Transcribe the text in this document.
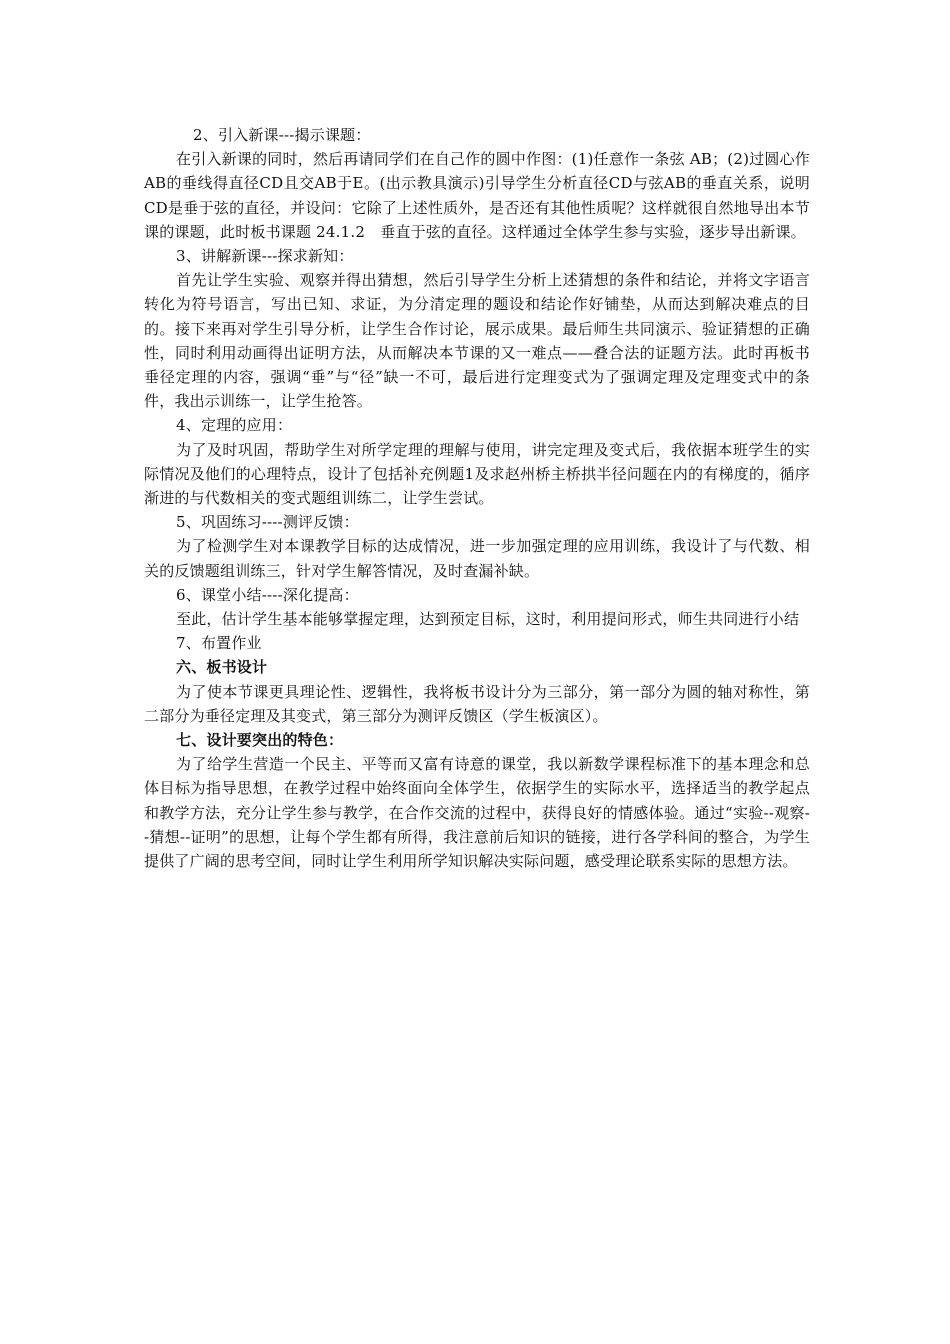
2、引入新课---揭示课题：

在引入新课的同时，然后再请同学们在自己作的圆中作图：(1)任意作一条弦 AB；(2)过圆心作AB的垂线得直径CD且交AB于E。(出示教具演示)引导学生分析直径CD与弦AB的垂直关系，说明CD是垂于弦的直径，并设问：它除了上述性质外，是否还有其他性质呢？这样就很自然地导出本节课的课题，此时板书课题 24.1.2　垂直于弦的直径。这样通过全体学生参与实验，逐步导出新课。

3、讲解新课---探求新知：

首先让学生实验、观察并得出猜想，然后引导学生分析上述猜想的条件和结论，并将文字语言转化为符号语言，写出已知、求证，为分清定理的题设和结论作好铺垫，从而达到解决难点的目的。接下来再对学生引导分析，让学生合作讨论，展示成果。最后师生共同演示、验证猜想的正确性，同时利用动画得出证明方法，从而解决本节课的又一难点——叠合法的证题方法。此时再板书垂径定理的内容，强调“垂”与“径”缺一不可，最后进行定理变式为了强调定理及定理变式中的条件，我出示训练一，让学生抢答。

4、定理的应用：

为了及时巩固，帮助学生对所学定理的理解与使用，讲完定理及变式后，我依据本班学生的实际情况及他们的心理特点，设计了包括补充例题1及求赵州桥主桥拱半径问题在内的有梯度的，循序渐进的与代数相关的变式题组训练二，让学生尝试。

5、巩固练习----测评反馈：

为了检测学生对本课教学目标的达成情况，进一步加强定理的应用训练，我设计了与代数、相关的反馈题组训练三，针对学生解答情况，及时查漏补缺。

6、课堂小结----深化提高：

至此，估计学生基本能够掌握定理，达到预定目标，这时，利用提问形式，师生共同进行小结

7、布置作业

六、板书设计

为了使本节课更具理论性、逻辑性，我将板书设计分为三部分，第一部分为圆的轴对称性，第二部分为垂径定理及其变式，第三部分为测评反馈区（学生板演区）。

七、设计要突出的特色：

为了给学生营造一个民主、平等而又富有诗意的课堂，我以新数学课程标准下的基本理念和总体目标为指导思想，在教学过程中始终面向全体学生，依据学生的实际水平，选择适当的教学起点和教学方法，充分让学生参与教学，在合作交流的过程中，获得良好的情感体验。通过“实验--观察--猜想--证明”的思想，让每个学生都有所得，我注意前后知识的链接，进行各学科间的整合，为学生提供了广阔的思考空间，同时让学生利用所学知识解决实际问题，感受理论联系实际的思想方法。
